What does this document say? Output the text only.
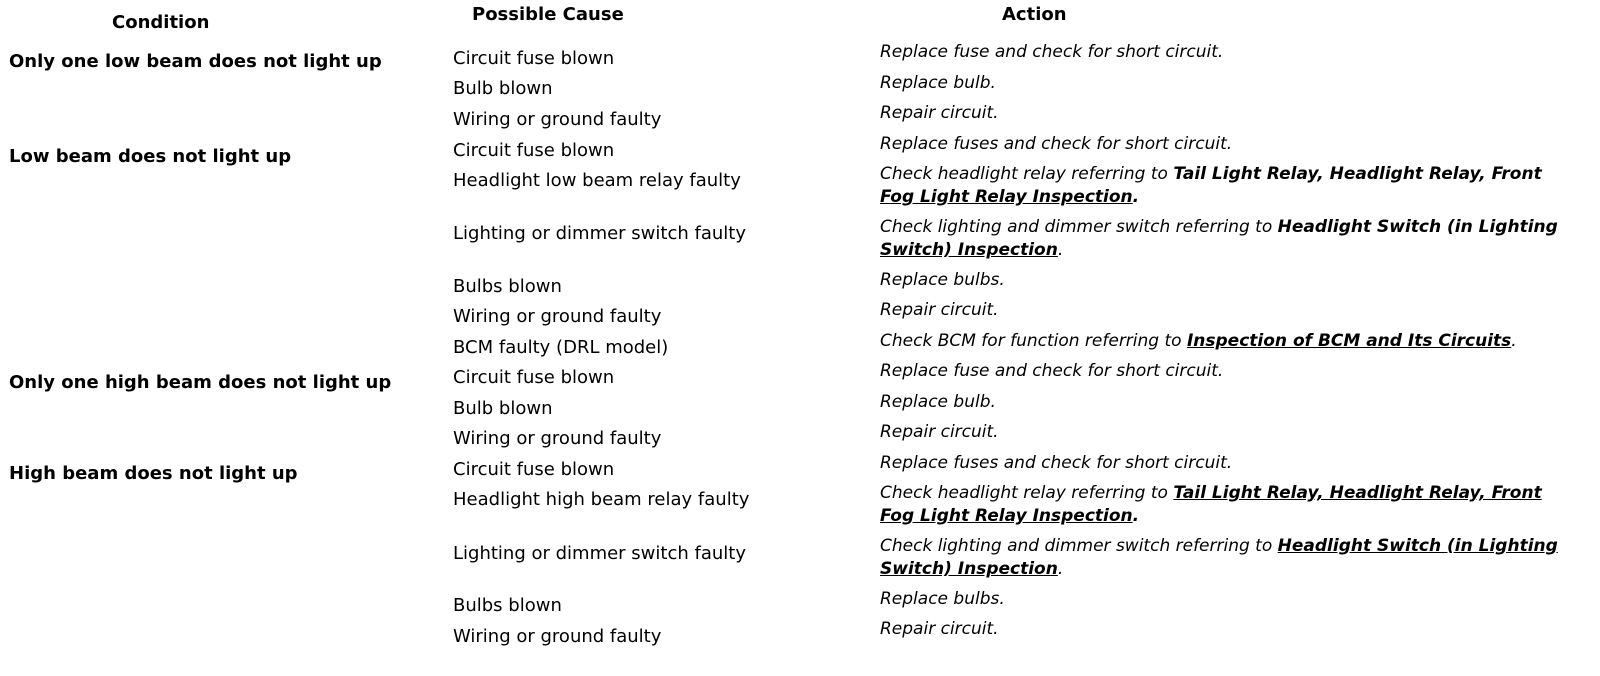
Condition	Possible Cause	Action
Only one low beam does not light up
Low beam does not light up
Only one high beam does not light up
High beam does not light up
Circuit fuse blown
Bulb blown
Wiring or ground faulty
Circuit fuse blown
Headlight low beam relay faulty
Lighting or dimmer switch faulty
Bulbs blown
Wiring or ground faulty
BCM faulty (DRL model)
Circuit fuse blown
Bulb blown
Wiring or ground faulty
Circuit fuse blown
Headlight high beam relay faulty
Lighting or dimmer switch faulty
Bulbs blown
Wiring or ground faulty
Replace fuse and check for short circuit.
Replace bulb.
Repair circuit.
Replace fuses and check for short circuit.
Check headlight relay referring to Tail Light Relay, Headlight Relay, Front
Fog Light Relay Inspection.
Check lighting and dimmer switch referring to Headlight Switch (in Lighting
Switch) Inspection.
Replace bulbs.
Repair circuit.
Check BCM for function referring to Inspection of BCM and Its Circuits.
Replace fuse and check for short circuit.
Replace bulb.
Repair circuit.
Replace fuses and check for short circuit.
Check headlight relay referring to Tail Light Relay, Headlight Relay, Front
Fog Light Relay Inspection.
Check lighting and dimmer switch referring to Headlight Switch (in Lighting
Switch) Inspection.
Replace bulbs.
Repair circuit.
